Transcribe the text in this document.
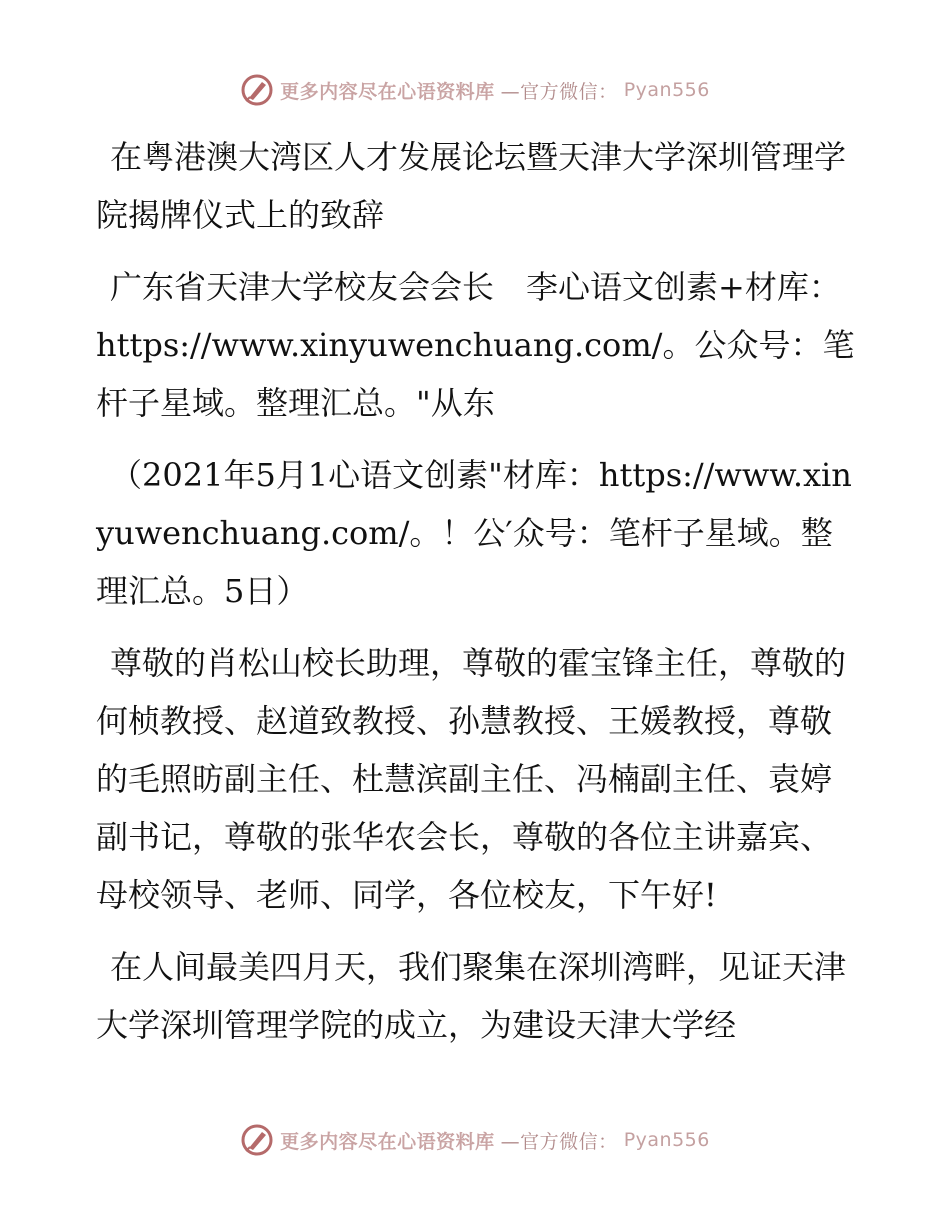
更多内容尽在心语资料库 —官方微信： Pyan556

在粤港澳大湾区人才发展论坛暨天津大学深圳管理学院揭牌仪式上的致辞

广东省天津大学校友会会长　李心语文创素+材库：https://www.xinyuwenchuang.com/。公众号：笔杆子星域。整理汇总。"从东

（2021年5月1心语文创素"材库：https://www.xinyuwenchuang.com/。！公′众号：笔杆子星域。整理汇总。5日）

尊敬的肖松山校长助理，尊敬的霍宝锋主任，尊敬的何桢教授、赵道致教授、孙慧教授、王媛教授，尊敬的毛照昉副主任、杜慧滨副主任、冯楠副主任、袁婷副书记，尊敬的张华农会长，尊敬的各位主讲嘉宾、母校领导、老师、同学，各位校友，下午好!

在人间最美四月天，我们聚集在深圳湾畔，见证天津大学深圳管理学院的成立，为建设天津大学经

更多内容尽在心语资料库 —官方微信： Pyan556
